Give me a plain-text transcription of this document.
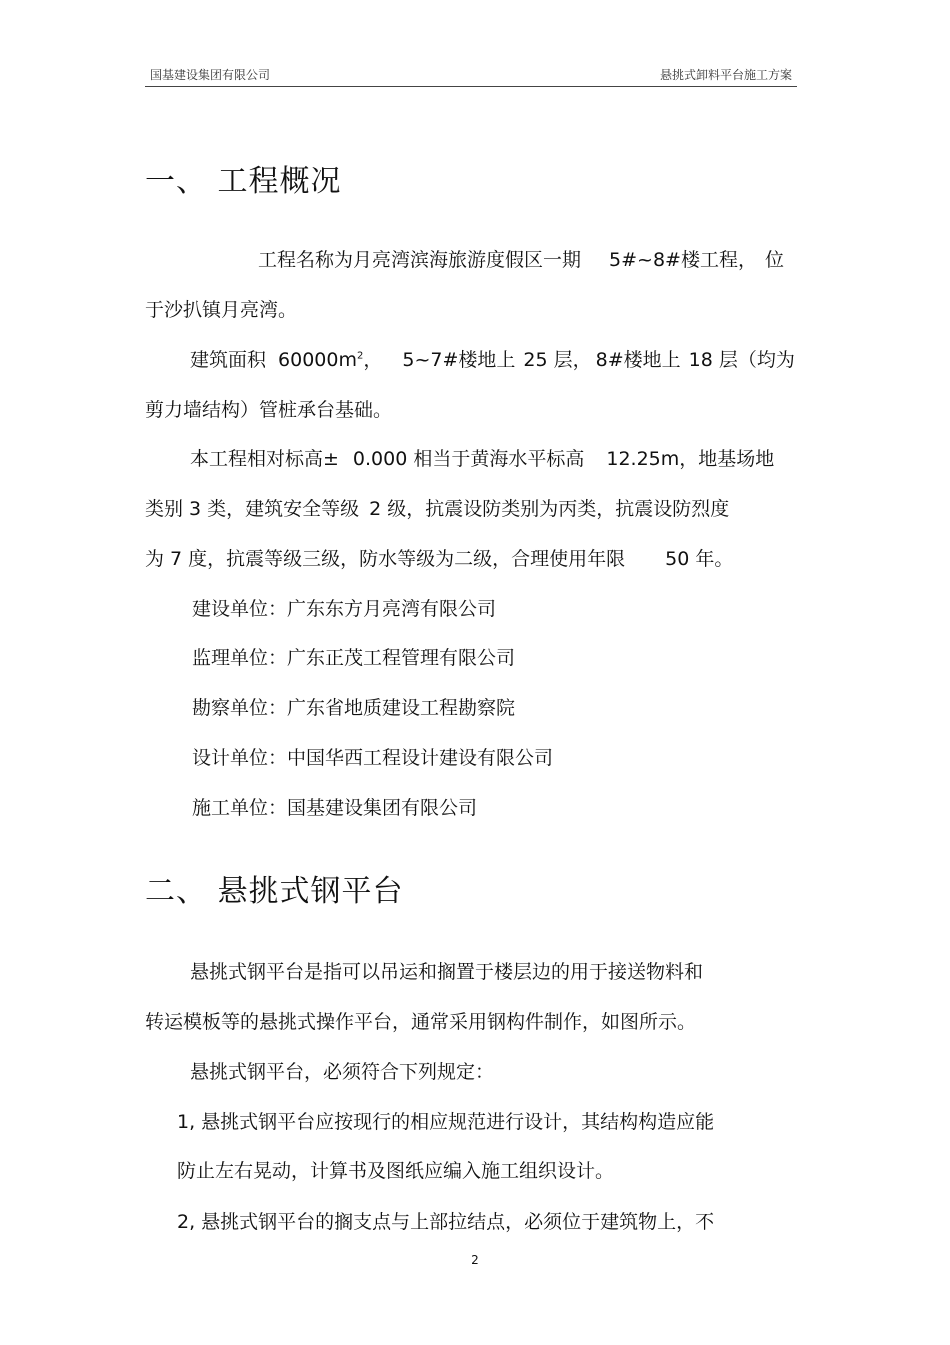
国基建设集团有限公司	悬挑式卸料平台施工方案
一、 工程概况
工程名称为月亮湾滨海旅游度假区一期 5#~8#楼工程， 位
于沙扒镇月亮湾。
建筑面积 $60000m^2$， 5~7#楼地上 25 层， 8#楼地上 18 层（均为
剪力墙结构）管桩承台基础。
本工程相对标高± 0.000 相当于黄海水平标高 12.25m，地基场地
类别 3 类，建筑安全等级 2 级，抗震设防类别为丙类，抗震设防烈度
为 7 度，抗震等级三级，防水等级为二级，合理使用年限 50 年。
建设单位：广东东方月亮湾有限公司
监理单位：广东正茂工程管理有限公司
勘察单位：广东省地质建设工程勘察院
设计单位：中国华西工程设计建设有限公司
施工单位：国基建设集团有限公司
二、 悬挑式钢平台
悬挑式钢平台是指可以吊运和搁置于楼层边的用于接送物料和
转运模板等的悬挑式操作平台，通常采用钢构件制作，如图所示。
悬挑式钢平台，必须符合下列规定：
1, 悬挑式钢平台应按现行的相应规范进行设计，其结构构造应能
防止左右晃动，计算书及图纸应编入施工组织设计。
2, 悬挑式钢平台的搁支点与上部拉结点，必须位于建筑物上，不
2
